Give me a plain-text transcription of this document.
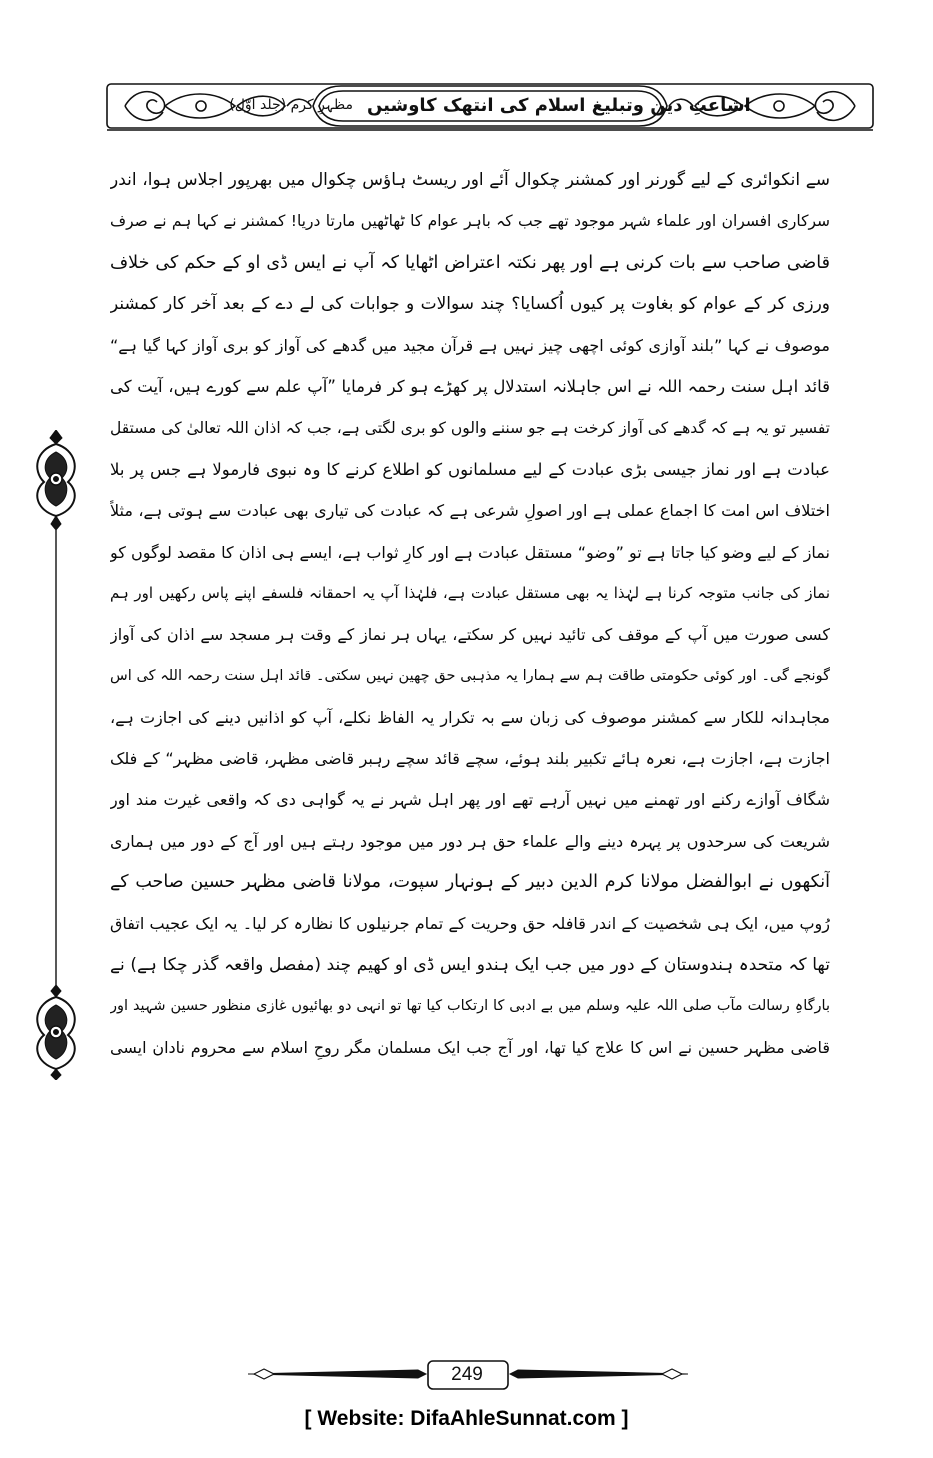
اشاعتِ دین وتبلیغ اسلام کی انتھک کاوشیں
مظہرِ کرم (جلد اوّل)
سے انکوائری کے لیے گورنر اور کمشنر چکوال آئے اور ریسٹ ہاؤس چکوال میں بھرپور اجلاس ہوا، اندر
سرکاری افسران اور علماء شہر موجود تھے جب کہ باہر عوام کا ٹھاٹھیں مارتا دریا! کمشنر نے کہا ہم نے صرف
قاضی صاحب سے بات کرنی ہے اور پھر نکتہ اعتراض اٹھایا کہ آپ نے ایس ڈی او کے حکم کی خلاف
ورزی کر کے عوام کو بغاوت پر کیوں اُکسایا؟ چند سوالات و جوابات کی لے دے کے بعد آخر کار کمشنر
موصوف نے کہا ”بلند آوازی کوئی اچھی چیز نہیں ہے قرآن مجید میں گدھے کی آواز کو بری آواز کہا گیا ہے“
قائد اہل سنت رحمہ اللہ نے اس جاہلانہ استدلال پر کھڑے ہو کر فرمایا ”آپ علم سے کورے ہیں، آیت کی
تفسیر تو یہ ہے کہ گدھے کی آواز کرخت ہے جو سننے والوں کو بری لگتی ہے، جب کہ اذان اللہ تعالیٰ کی مستقل
عبادت ہے اور نماز جیسی بڑی عبادت کے لیے مسلمانوں کو اطلاع کرنے کا وہ نبوی فارمولا ہے جس پر بلا
اختلاف اس امت کا اجماع عملی ہے اور اصولِ شرعی ہے کہ عبادت کی تیاری بھی عبادت سے ہوتی ہے، مثلاً
نماز کے لیے وضو کیا جاتا ہے تو ”وضو“ مستقل عبادت ہے اور کارِ ثواب ہے، ایسے ہی اذان کا مقصد لوگوں کو
نماز کی جانب متوجہ کرنا ہے لہٰذا یہ بھی مستقل عبادت ہے، فلہٰذا آپ یہ احمقانہ فلسفے اپنے پاس رکھیں اور ہم
کسی صورت میں آپ کے موقف کی تائید نہیں کر سکتے، یہاں ہر نماز کے وقت ہر مسجد سے اذان کی آواز
گونجے گی۔ اور کوئی حکومتی طاقت ہم سے ہمارا یہ مذہبی حق چھین نہیں سکتی۔ قائد اہل سنت رحمہ اللہ کی اس
مجاہدانہ للکار سے کمشنر موصوف کی زبان سے بہ تکرار یہ الفاظ نکلے، آپ کو اذانیں دینے کی اجازت ہے،
اجازت ہے، اجازت ہے، نعرہ ہائے تکبیر بلند ہوئے، سچے قائد سچے رہبر قاضی مظہر، قاضی مظہر“ کے فلک
شگاف آوازے رکنے اور تھمنے میں نہیں آرہے تھے اور پھر اہل شہر نے یہ گواہی دی کہ واقعی غیرت مند اور
شریعت کی سرحدوں پر پہرہ دینے والے علماء حق ہر دور میں موجود رہتے ہیں اور آج کے دور میں ہماری
آنکھوں نے ابوالفضل مولانا کرم الدین دبیر کے ہونہار سپوت، مولانا قاضی مظہر حسین صاحب کے
رُوپ میں، ایک ہی شخصیت کے اندر قافلہ حق وحریت کے تمام جرنیلوں کا نظارہ کر لیا۔ یہ ایک عجیب اتفاق
تھا کہ متحدہ ہندوستان کے دور میں جب ایک ہندو ایس ڈی او کھیم چند (مفصل واقعہ گذر چکا ہے) نے
بارگاہِ رسالت مآب صلی اللہ علیہ وسلم میں بے ادبی کا ارتکاب کیا تھا تو انہی دو بھائیوں غازی منظور حسین شہید اور
قاضی مظہر حسین نے اس کا علاج کیا تھا، اور آج جب ایک مسلمان مگر روحِ اسلام سے محروم نادان ایسی
249
[ Website: DifaAhleSunnat.com ]
